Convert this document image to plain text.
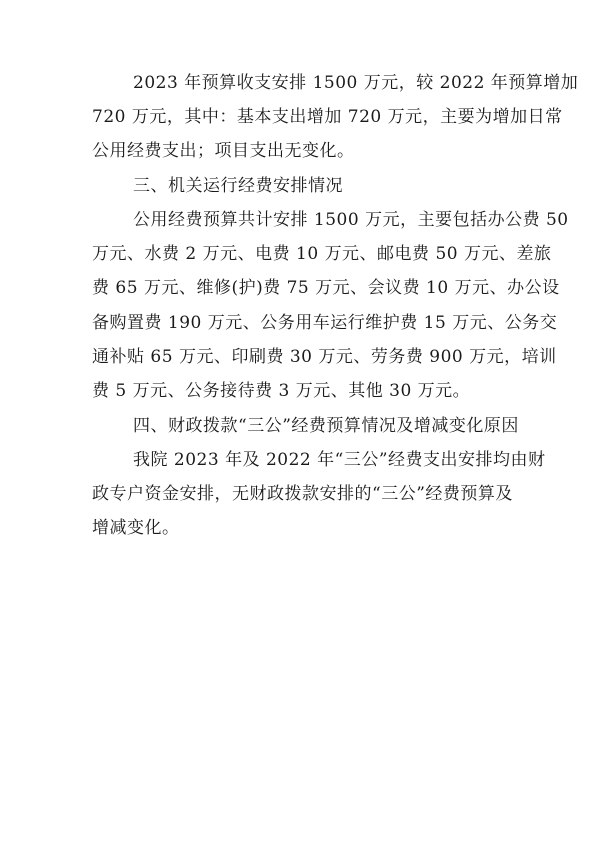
2023 年预算收支安排 1500 万元，较 2022 年预算增加

720 万元，其中：基本支出增加 720 万元，主要为增加日常

公用经费支出；项目支出无变化。

三、机关运行经费安排情况

公用经费预算共计安排 1500 万元，主要包括办公费 50

万元、水费 2 万元、电费 10 万元、邮电费 50 万元、差旅

费 65 万元、维修(护)费 75 万元、会议费 10 万元、办公设

备购置费 190 万元、公务用车运行维护费 15 万元、公务交

通补贴 65 万元、印刷费 30 万元、劳务费 900 万元，培训

费 5 万元、公务接待费 3 万元、其他 30 万元。

四、财政拨款“三公”经费预算情况及增减变化原因

我院 2023 年及 2022 年“三公”经费支出安排均由财

政专户资金安排，无财政拨款安排的“三公”经费预算及

增减变化。
